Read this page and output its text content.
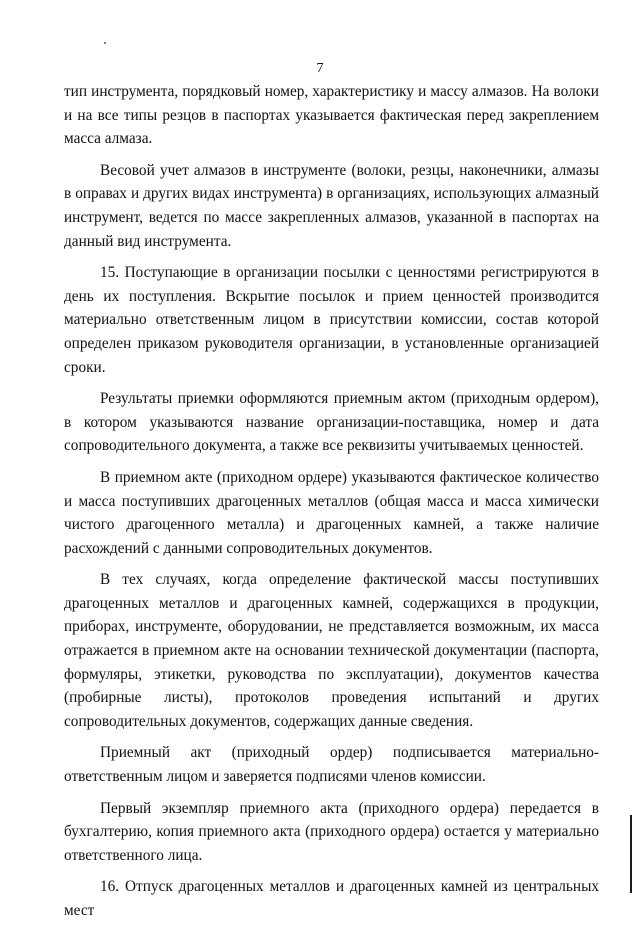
7

тип инструмента, порядковый номер, характеристику и массу алмазов. На волоки и на все типы резцов в паспортах указывается фактическая перед закреплением масса алмаза.

Весовой учет алмазов в инструменте (волоки, резцы, наконечники, алмазы в оправах и других видах инструмента) в организациях, использующих алмазный инструмент, ведется по массе закрепленных алмазов, указанной в паспортах на данный вид инструмента.

15. Поступающие в организации посылки с ценностями регистрируются в день их поступления. Вскрытие посылок и прием ценностей производится материально ответственным лицом в присутствии комиссии, состав которой определен приказом руководителя организации, в установленные организацией сроки.

Результаты приемки оформляются приемным актом (приходным ордером), в котором указываются название организации-поставщика, номер и дата сопроводительного документа, а также все реквизиты учитываемых ценностей.

В приемном акте (приходном ордере) указываются фактическое количество и масса поступивших драгоценных металлов (общая масса и масса химически чистого драгоценного металла) и драгоценных камней, а также наличие расхождений с данными сопроводительных документов.

В тех случаях, когда определение фактической массы поступивших драгоценных металлов и драгоценных камней, содержащихся в продукции, приборах, инструменте, оборудовании, не представляется возможным, их масса отражается в приемном акте на основании технической документации (паспорта, формуляры, этикетки, руководства по эксплуатации), документов качества (пробирные листы), протоколов проведения испытаний и других сопроводительных документов, содержащих данные сведения.

Приемный акт (приходный ордер) подписывается материально-ответственным лицом и заверяется подписями членов комиссии.

Первый экземпляр приемного акта (приходного ордера) передается в бухгалтерию, копия приемного акта (приходного ордера) остается у материально ответственного лица.

16. Отпуск драгоценных металлов и драгоценных камней из центральных мест
